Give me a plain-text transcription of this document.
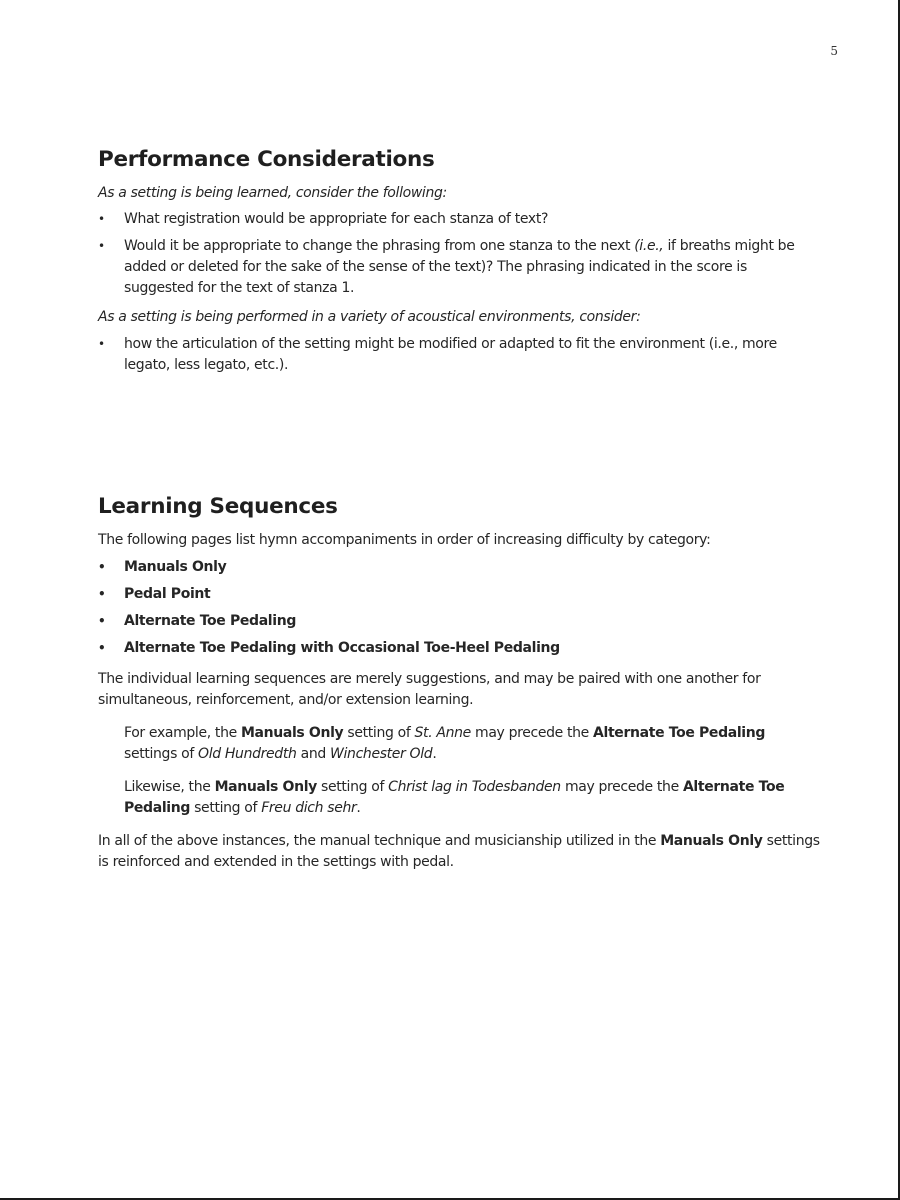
5
Performance Considerations

As a setting is being learned, consider the following:

• What registration would be appropriate for each stanza of text?
• Would it be appropriate to change the phrasing from one stanza to the next (i.e., if breaths might be added or deleted for the sake of the sense of the text)? The phrasing indicated in the score is suggested for the text of stanza 1.

As a setting is being performed in a variety of acoustical environments, consider:

• how the articulation of the setting might be modified or adapted to fit the environment (i.e., more legato, less legato, etc.).
Learning Sequences

The following pages list hymn accompaniments in order of increasing difficulty by category:

• Manuals Only
• Pedal Point
• Alternate Toe Pedaling
• Alternate Toe Pedaling with Occasional Toe-Heel Pedaling

The individual learning sequences are merely suggestions, and may be paired with one another for simultaneous, reinforcement, and/or extension learning.

For example, the Manuals Only setting of St. Anne may precede the Alternate Toe Pedaling settings of Old Hundredth and Winchester Old.

Likewise, the Manuals Only setting of Christ lag in Todesbanden may precede the Alternate Toe Pedaling setting of Freu dich sehr.

In all of the above instances, the manual technique and musicianship utilized in the Manuals Only settings is reinforced and extended in the settings with pedal.
